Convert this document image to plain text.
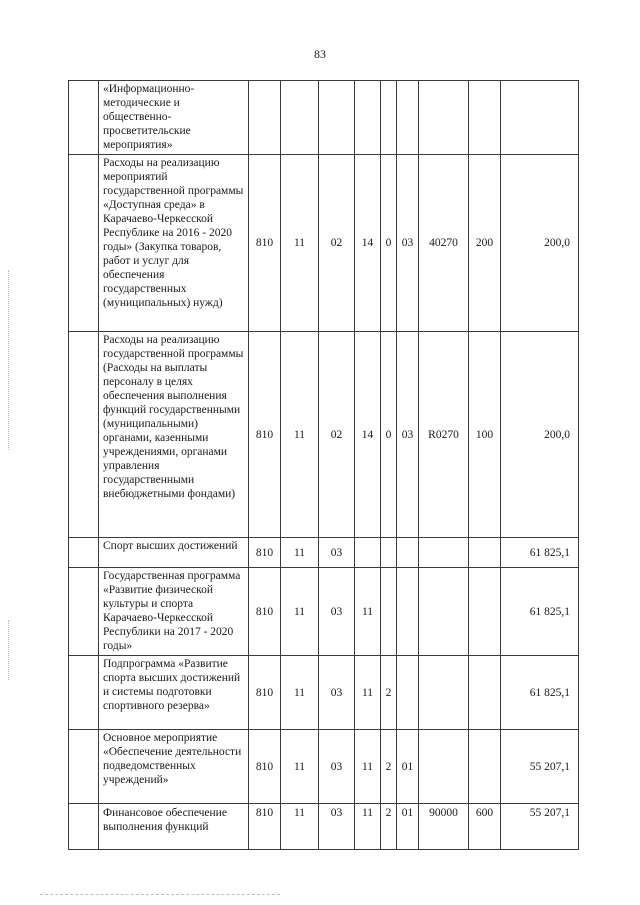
83
	«Информационно-методические и общественно-просветительские мероприятия»									
	Расходы на реализацию мероприятий государственной программы «Доступная среда» в Карачаево-Черкесской Республике на 2016 - 2020 годы» (Закупка товаров, работ и услуг для обеспечения государственных (муниципальных) нужд)	810	11	02	14	0	03	40270	200	200,0
	Расходы на реализацию государственной программы (Расходы на выплаты персоналу в целях обеспечения выполнения функций государственными (муниципальными) органами, казенными учреждениями, органами управления государственными внебюджетными фондами)	810	11	02	14	0	03	R0270	100	200,0
	Спорт высших достижений	810	11	03						61 825,1
	Государственная программа «Развитие физической культуры и спорта Карачаево-Черкесской Республики на 2017 - 2020 годы»	810	11	03	11					61 825,1
	Подпрограмма «Развитие спорта высших достижений и системы подготовки спортивного резерва»	810	11	03	11	2				61 825,1
	Основное мероприятие «Обеспечение деятельности подведомственных учреждений»	810	11	03	11	2	01			55 207,1
	Финансовое обеспечение выполнения функций	810	11	03	11	2	01	90000	600	55 207,1
